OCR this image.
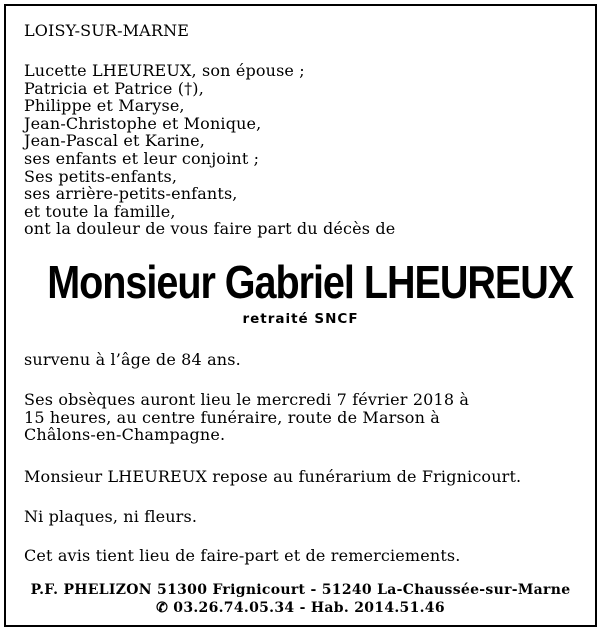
LOISY-SUR-MARNE

Lucette LHEUREUX, son épouse ;
Patricia et Patrice (†),
Philippe et Maryse,
Jean-Christophe et Monique,
Jean-Pascal et Karine,
ses enfants et leur conjoint ;
Ses petits-enfants,
ses arrière-petits-enfants,
et toute la famille,
ont la douleur de vous faire part du décès de
Monsieur Gabriel LHEUREUX
retraité SNCF

survenu à l’âge de 84 ans.

Ses obsèques auront lieu le mercredi 7 février 2018 à
15 heures, au centre funéraire, route de Marson à
Châlons-en-Champagne.

Monsieur LHEUREUX repose au funérarium de Frignicourt.

Ni plaques, ni fleurs.

Cet avis tient lieu de faire-part et de remerciements.

P.F. PHELIZON 51300 Frignicourt - 51240 La-Chaussée-sur-Marne
✆ 03.26.74.05.34 - Hab. 2014.51.46
